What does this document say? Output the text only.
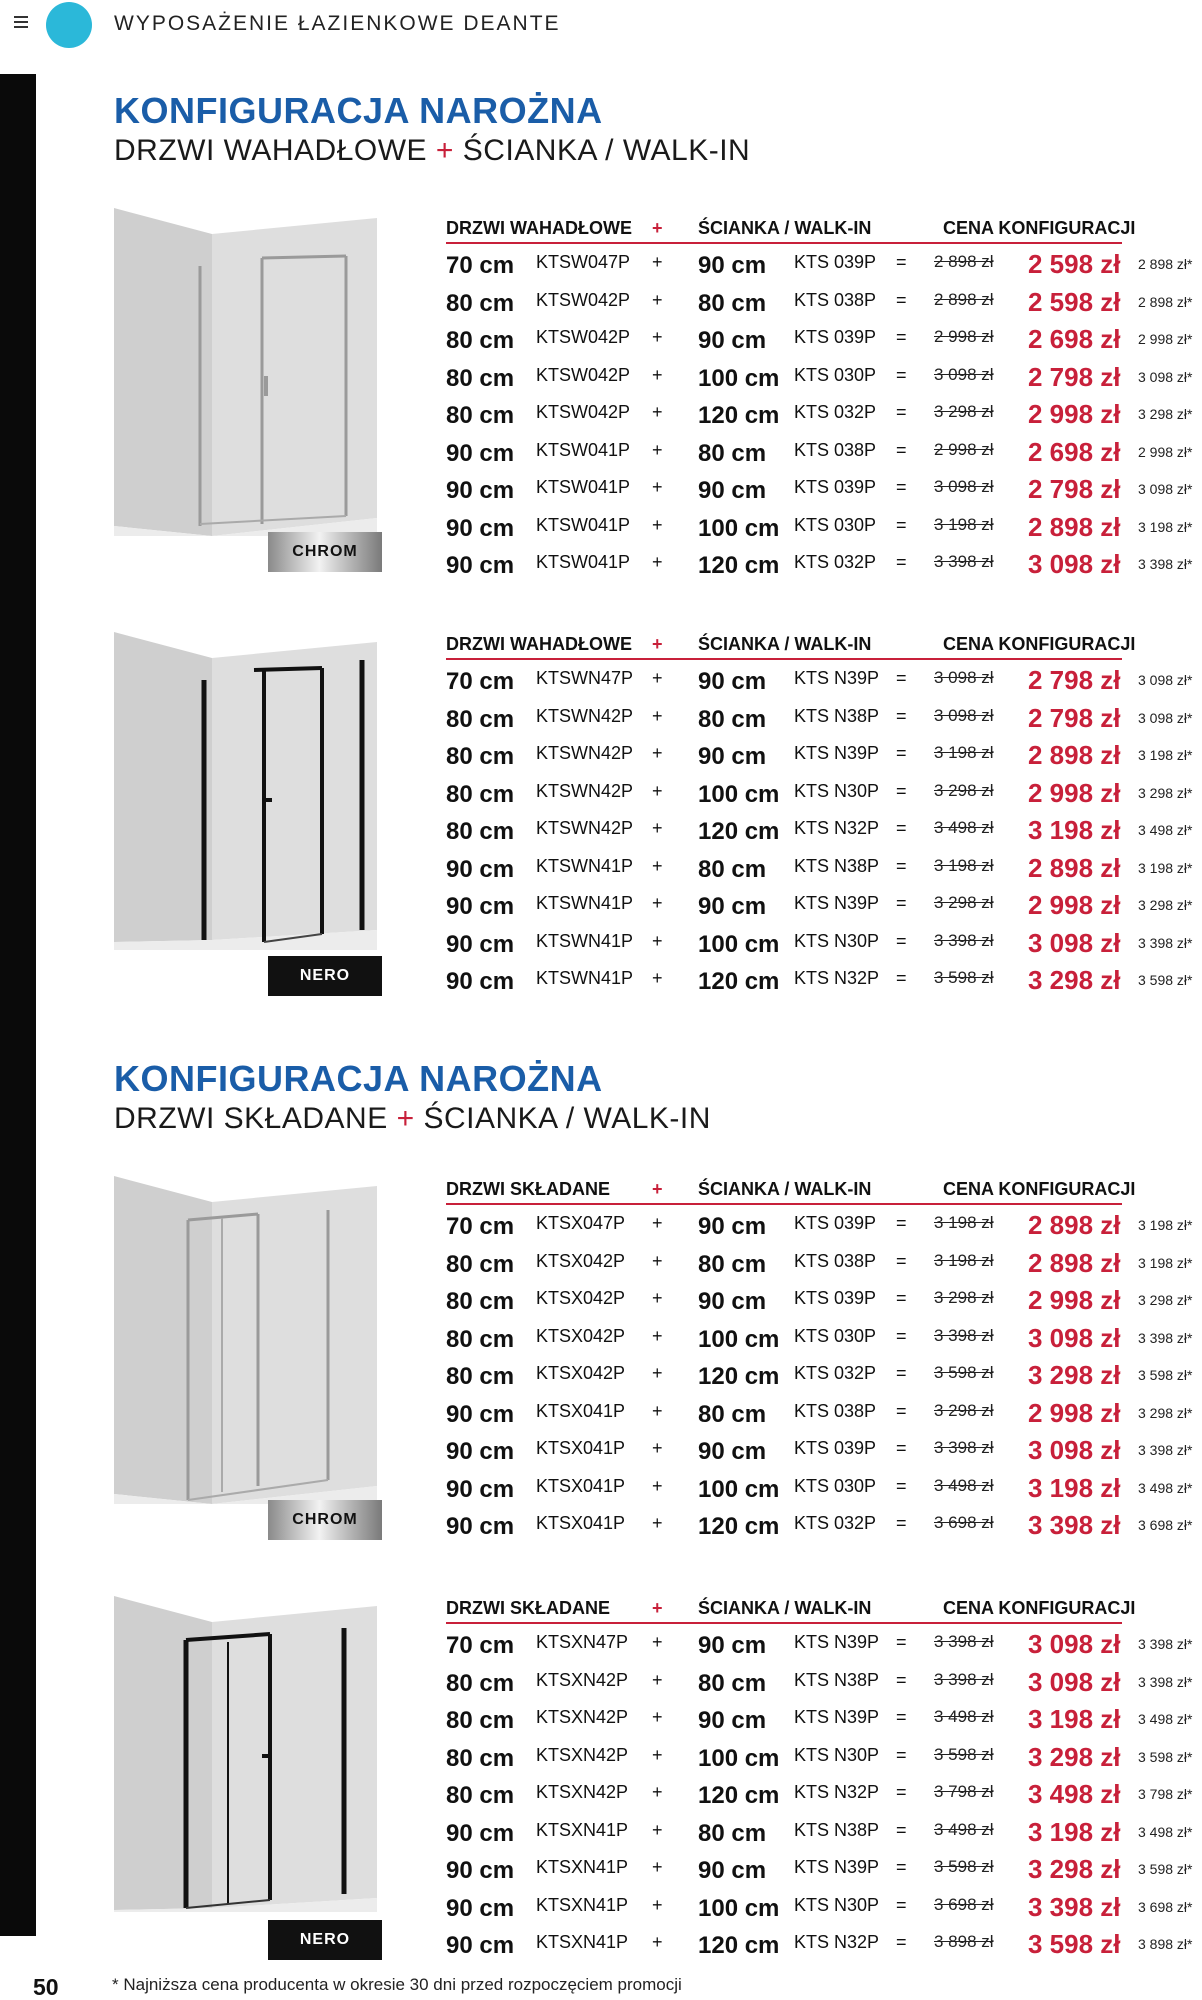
WYPOSAŻENIE ŁAZIENKOWE DEANTE
KONFIGURACJA NAROŻNA
DRZWI WAHADŁOWE + ŚCIANKA / WALK-IN
CHROM
DRZWI WAHADŁOWE + ŚCIANKA / WALK-IN	CENA KONFIGURACJI
70 cm KTSW047P + 90 cm KTS 039P = 2 898 zł 2 598 zł 2 898 zł*
80 cm KTSW042P + 80 cm KTS 038P = 2 898 zł 2 598 zł 2 898 zł*
80 cm KTSW042P + 90 cm KTS 039P = 2 998 zł 2 698 zł 2 998 zł*
80 cm KTSW042P + 100 cm KTS 030P = 3 098 zł 2 798 zł 3 098 zł*
80 cm KTSW042P + 120 cm KTS 032P = 3 298 zł 2 998 zł 3 298 zł*
90 cm KTSW041P + 80 cm KTS 038P = 2 998 zł 2 698 zł 2 998 zł*
90 cm KTSW041P + 90 cm KTS 039P = 3 098 zł 2 798 zł 3 098 zł*
90 cm KTSW041P + 100 cm KTS 030P = 3 198 zł 2 898 zł 3 198 zł*
90 cm KTSW041P + 120 cm KTS 032P = 3 398 zł 3 098 zł 3 398 zł*
NERO
DRZWI WAHADŁOWE + ŚCIANKA / WALK-IN	CENA KONFIGURACJI
70 cm KTSWN47P + 90 cm KTS N39P = 3 098 zł 2 798 zł 3 098 zł*
80 cm KTSWN42P + 80 cm KTS N38P = 3 098 zł 2 798 zł 3 098 zł*
80 cm KTSWN42P + 90 cm KTS N39P = 3 198 zł 2 898 zł 3 198 zł*
80 cm KTSWN42P + 100 cm KTS N30P = 3 298 zł 2 998 zł 3 298 zł*
80 cm KTSWN42P + 120 cm KTS N32P = 3 498 zł 3 198 zł 3 498 zł*
90 cm KTSWN41P + 80 cm KTS N38P = 3 198 zł 2 898 zł 3 198 zł*
90 cm KTSWN41P + 90 cm KTS N39P = 3 298 zł 2 998 zł 3 298 zł*
90 cm KTSWN41P + 100 cm KTS N30P = 3 398 zł 3 098 zł 3 398 zł*
90 cm KTSWN41P + 120 cm KTS N32P = 3 598 zł 3 298 zł 3 598 zł*
KONFIGURACJA NAROŻNA
DRZWI SKŁADANE + ŚCIANKA / WALK-IN
CHROM
DRZWI SKŁADANE + ŚCIANKA / WALK-IN	CENA KONFIGURACJI
70 cm KTSX047P + 90 cm KTS 039P = 3 198 zł 2 898 zł 3 198 zł*
80 cm KTSX042P + 80 cm KTS 038P = 3 198 zł 2 898 zł 3 198 zł*
80 cm KTSX042P + 90 cm KTS 039P = 3 298 zł 2 998 zł 3 298 zł*
80 cm KTSX042P + 100 cm KTS 030P = 3 398 zł 3 098 zł 3 398 zł*
80 cm KTSX042P + 120 cm KTS 032P = 3 598 zł 3 298 zł 3 598 zł*
90 cm KTSX041P + 80 cm KTS 038P = 3 298 zł 2 998 zł 3 298 zł*
90 cm KTSX041P + 90 cm KTS 039P = 3 398 zł 3 098 zł 3 398 zł*
90 cm KTSX041P + 100 cm KTS 030P = 3 498 zł 3 198 zł 3 498 zł*
90 cm KTSX041P + 120 cm KTS 032P = 3 698 zł 3 398 zł 3 698 zł*
NERO
DRZWI SKŁADANE + ŚCIANKA / WALK-IN	CENA KONFIGURACJI
70 cm KTSXN47P + 90 cm KTS N39P = 3 398 zł 3 098 zł 3 398 zł*
80 cm KTSXN42P + 80 cm KTS N38P = 3 398 zł 3 098 zł 3 398 zł*
80 cm KTSXN42P + 90 cm KTS N39P = 3 498 zł 3 198 zł 3 498 zł*
80 cm KTSXN42P + 100 cm KTS N30P = 3 598 zł 3 298 zł 3 598 zł*
80 cm KTSXN42P + 120 cm KTS N32P = 3 798 zł 3 498 zł 3 798 zł*
90 cm KTSXN41P + 80 cm KTS N38P = 3 498 zł 3 198 zł 3 498 zł*
90 cm KTSXN41P + 90 cm KTS N39P = 3 598 zł 3 298 zł 3 598 zł*
90 cm KTSXN41P + 100 cm KTS N30P = 3 698 zł 3 398 zł 3 698 zł*
90 cm KTSXN41P + 120 cm KTS N32P = 3 898 zł 3 598 zł 3 898 zł*
50	* Najniższa cena producenta w okresie 30 dni przed rozpoczęciem promocji
